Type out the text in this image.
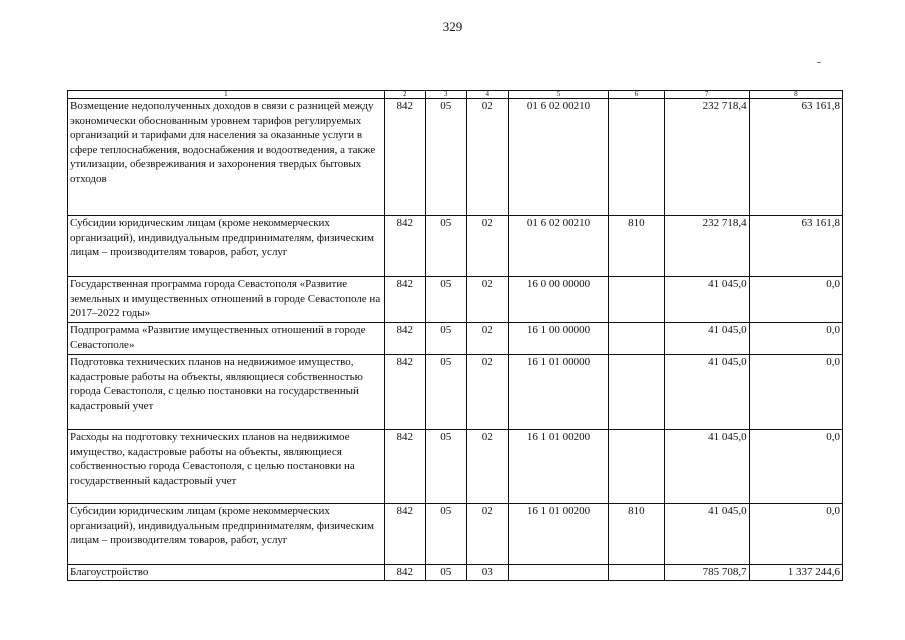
329
1	2	3	4	5	6	7	8
Возмещение недополученных доходов в связи с разницей между экономически обоснованным уровнем тарифов регулируемых организаций и тарифами для населения за оказанные услуги в сфере теплоснабжения, водоснабжения и водоотведения, а также утилизации, обезвреживания и захоронения твердых бытовых отходов	842	05	02	01 6 02 00210		232 718,4	63 161,8
Субсидии юридическим лицам (кроме некоммерческих организаций), индивидуальным предпринимателям, физическим лицам – производителям товаров, работ, услуг	842	05	02	01 6 02 00210	810	232 718,4	63 161,8
Государственная программа города Севастополя «Развитие земельных и имущественных отношений в городе Севастополе на 2017–2022 годы»	842	05	02	16 0 00 00000		41 045,0	0,0
Подпрограмма «Развитие имущественных отношений в городе Севастополе»	842	05	02	16 1 00 00000		41 045,0	0,0
Подготовка технических планов на недвижимое имущество, кадастровые работы на объекты, являющиеся собственностью города Севастополя, с целью постановки на государственный кадастровый учет	842	05	02	16 1 01 00000		41 045,0	0,0
Расходы на подготовку технических планов на недвижимое имущество, кадастровые работы на объекты, являющиеся собственностью города Севастополя, с целью постановки на государственный кадастровый учет	842	05	02	16 1 01 00200		41 045,0	0,0
Субсидии юридическим лицам (кроме некоммерческих организаций), индивидуальным предпринимателям, физическим лицам – производителям товаров, работ, услуг	842	05	02	16 1 01 00200	810	41 045,0	0,0
Благоустройство	842	05	03			785 708,7	1 337 244,6
